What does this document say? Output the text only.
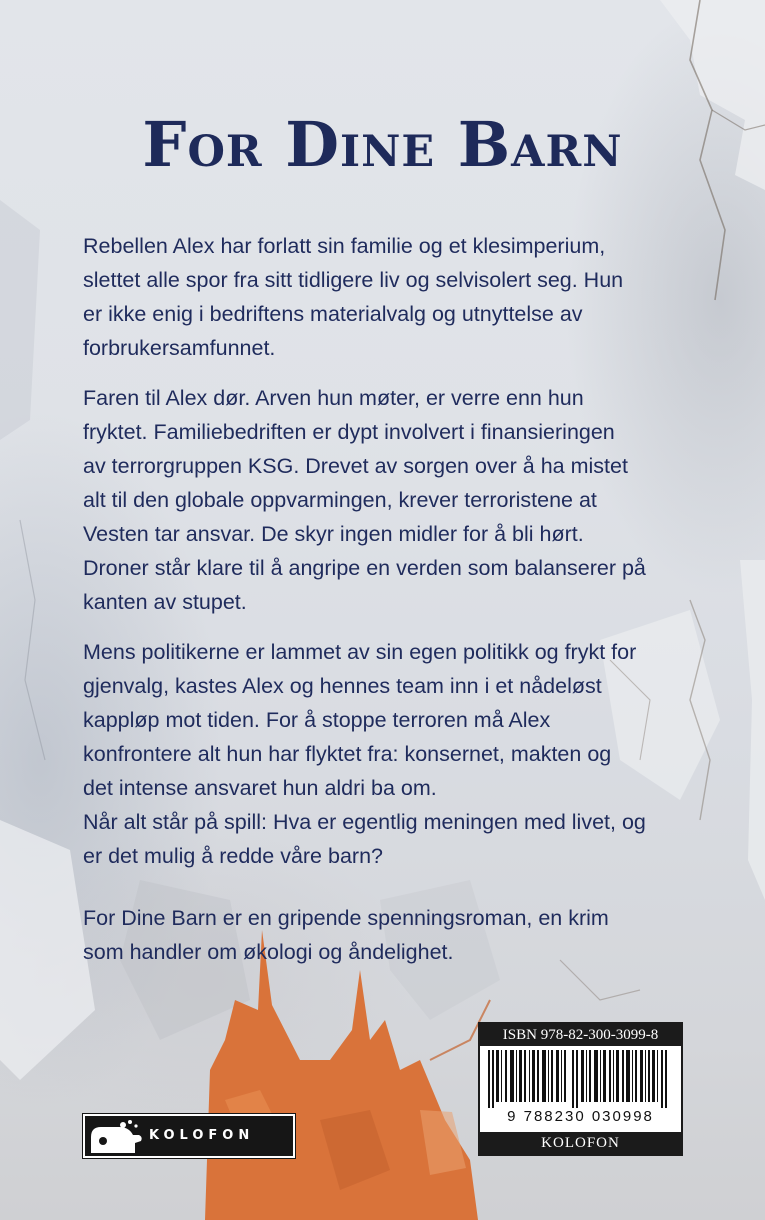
For Dine Barn

Rebellen Alex har forlatt sin familie og et klesimperium,
slettet alle spor fra sitt tidligere liv og selvisolert seg. Hun
er ikke enig i bedriftens materialvalg og utnyttelse av
forbrukersamfunnet.

Faren til Alex dør. Arven hun møter, er verre enn hun
fryktet. Familiebedriften er dypt involvert i finansieringen
av terrorgruppen KSG. Drevet av sorgen over å ha mistet
alt til den globale oppvarmingen, krever terroristene at
Vesten tar ansvar. De skyr ingen midler for å bli hørt.
Droner står klare til å angripe en verden som balanserer på
kanten av stupet.

Mens politikerne er lammet av sin egen politikk og frykt for
gjenvalg, kastes Alex og hennes team inn i et nådeløst
kappløp mot tiden. For å stoppe terroren må Alex
konfrontere alt hun har flyktet fra: konsernet, makten og
det intense ansvaret hun aldri ba om.
Når alt står på spill: Hva er egentlig meningen med livet, og
er det mulig å redde våre barn?

For Dine Barn er en gripende spenningsroman, en krim
som handler om økologi og åndelighet.

ISBN 978-82-300-3099-8
9 788230 030998
KOLOFON
KOLOFON
